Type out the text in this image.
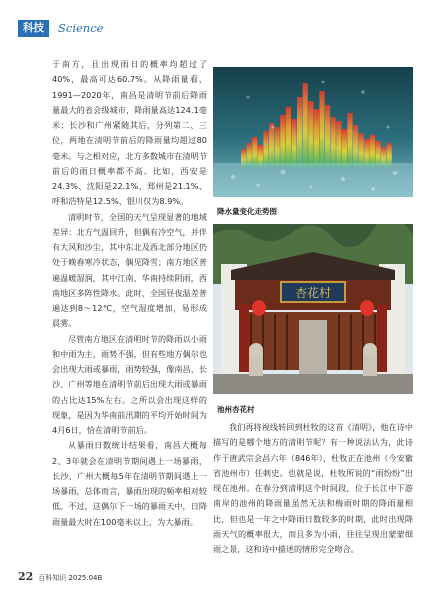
科技	Science

于南方，且出现雨日的概率均超过了40%，最高可达60.7%。从降雨量看，1991—2020年，南昌是清明节前后降雨量最大的省会级城市，降雨量高达124.1毫米；长沙和广州紧随其后，分列第二、三位，两地在清明节前后的降雨量均超过80毫米。与之相对应，北方多数城市在清明节前后的雨日概率都不高。比如，西安是24.3%、沈阳是22.1%、郑州是21.1%、呼和浩特是12.5%、银川仅为8.9%。

清明时节，全国的天气呈现显著的地域差异：北方气温回升，但偶有冷空气，并伴有大风和沙尘，其中东北及西北部分地区仍处于晚春寒冷状态，偶见降雪；南方地区普遍温暖湿润，其中江南、华南持续阴雨，西南地区多阵性降水。此时，全国昼夜温差普遍达到8～12℃，空气湿度增加，易形成晨雾。

尽管南方地区在清明时节的降雨以小雨和中雨为主，雨势不强，但有些地方偶尔也会出现大雨或暴雨，雨势较强，像南昌、长沙、广州等地在清明节前后出现大雨或暴雨的占比达15%左右。之所以会出现这样的现象，是因为华南前汛期的平均开始时间为4月6日，恰在清明节前后。

从暴雨日数统计结果看，南昌大概每2、3年就会在清明节期间遇上一场暴雨，长沙、广州大概每5年在清明节期间遇上一场暴雨，总体而言，暴雨出现的频率相对较低。不过，这偶尔下一场的暴雨天中，日降雨量最大时在100毫米以上，为大暴雨。

降水量变化走势图
杏花村
池州杏花村

我们再将视线转回到杜牧的这首《清明》，他在诗中描写的是哪个地方的清明节呢？有一种说法认为，此诗作于唐武宗会昌六年（846年），杜牧正在池州（今安徽省池州市）任刺史。也就是说，杜牧所说的“雨纷纷”出现在池州。在春分到清明这个时间段，位于长江中下游南岸的池州的降雨量虽然无法和梅雨时期的降雨量相比，但也是一年之中降雨日数较多的时期，此时出现降雨天气的概率很大，而且多为小雨，往往呈现出蒙蒙细雨之景，这和诗中描述的情形完全吻合。

22 百科知识 2025.04B
